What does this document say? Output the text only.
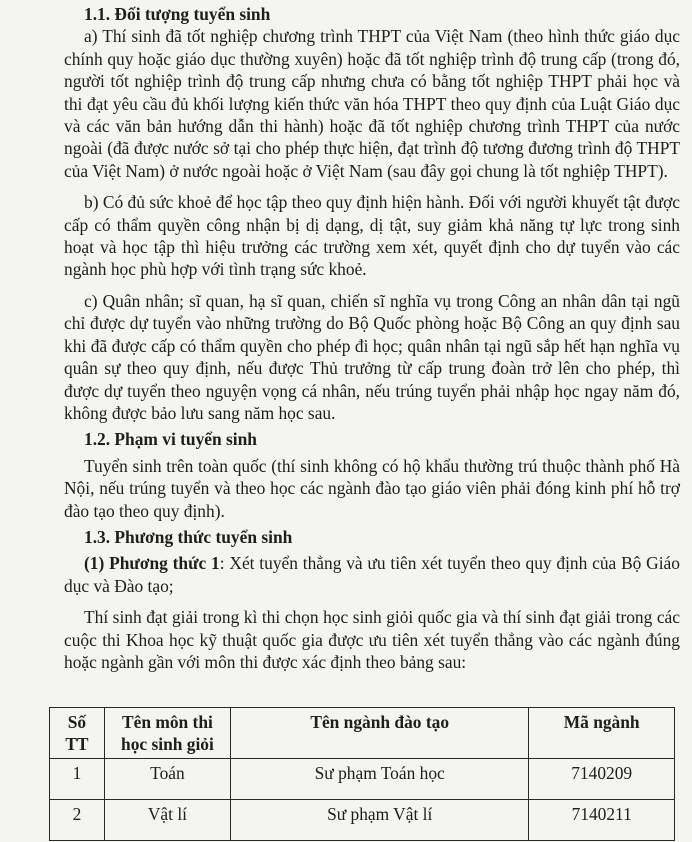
1.1. Đối tượng tuyển sinh

a) Thí sinh đã tốt nghiệp chương trình THPT của Việt Nam (theo hình thức giáo dục chính quy hoặc giáo dục thường xuyên) hoặc đã tốt nghiệp trình độ trung cấp (trong đó, người tốt nghiệp trình độ trung cấp nhưng chưa có bằng tốt nghiệp THPT phải học và thi đạt yêu cầu đủ khối lượng kiến thức văn hóa THPT theo quy định của Luật Giáo dục và các văn bản hướng dẫn thi hành) hoặc đã tốt nghiệp chương trình THPT của nước ngoài (đã được nước sở tại cho phép thực hiện, đạt trình độ tương đương trình độ THPT của Việt Nam) ở nước ngoài hoặc ở Việt Nam (sau đây gọi chung là tốt nghiệp THPT).

b) Có đủ sức khoẻ để học tập theo quy định hiện hành. Đối với người khuyết tật được cấp có thẩm quyền công nhận bị dị dạng, dị tật, suy giảm khả năng tự lực trong sinh hoạt và học tập thì hiệu trưởng các trường xem xét, quyết định cho dự tuyển vào các ngành học phù hợp với tình trạng sức khoẻ.

c) Quân nhân; sĩ quan, hạ sĩ quan, chiến sĩ nghĩa vụ trong Công an nhân dân tại ngũ chỉ được dự tuyển vào những trường do Bộ Quốc phòng hoặc Bộ Công an quy định sau khi đã được cấp có thẩm quyền cho phép đi học; quân nhân tại ngũ sắp hết hạn nghĩa vụ quân sự theo quy định, nếu được Thủ trưởng từ cấp trung đoàn trở lên cho phép, thì được dự tuyển theo nguyện vọng cá nhân, nếu trúng tuyển phải nhập học ngay năm đó, không được bảo lưu sang năm học sau.

1.2. Phạm vi tuyển sinh

Tuyển sinh trên toàn quốc (thí sinh không có hộ khẩu thường trú thuộc thành phố Hà Nội, nếu trúng tuyển và theo học các ngành đào tạo giáo viên phải đóng kinh phí hỗ trợ đào tạo theo quy định).

1.3. Phương thức tuyển sinh

(1) Phương thức 1: Xét tuyển thẳng và ưu tiên xét tuyển theo quy định của Bộ Giáo dục và Đào tạo;

Thí sinh đạt giải trong kì thi chọn học sinh giỏi quốc gia và thí sinh đạt giải trong các cuộc thi Khoa học kỹ thuật quốc gia được ưu tiên xét tuyển thẳng vào các ngành đúng hoặc ngành gần với môn thi được xác định theo bảng sau:

Số TT	Tên môn thi học sinh giỏi	Tên ngành đào tạo	Mã ngành
1	Toán	Sư phạm Toán học	7140209
2	Vật lí	Sư phạm Vật lí	7140211
